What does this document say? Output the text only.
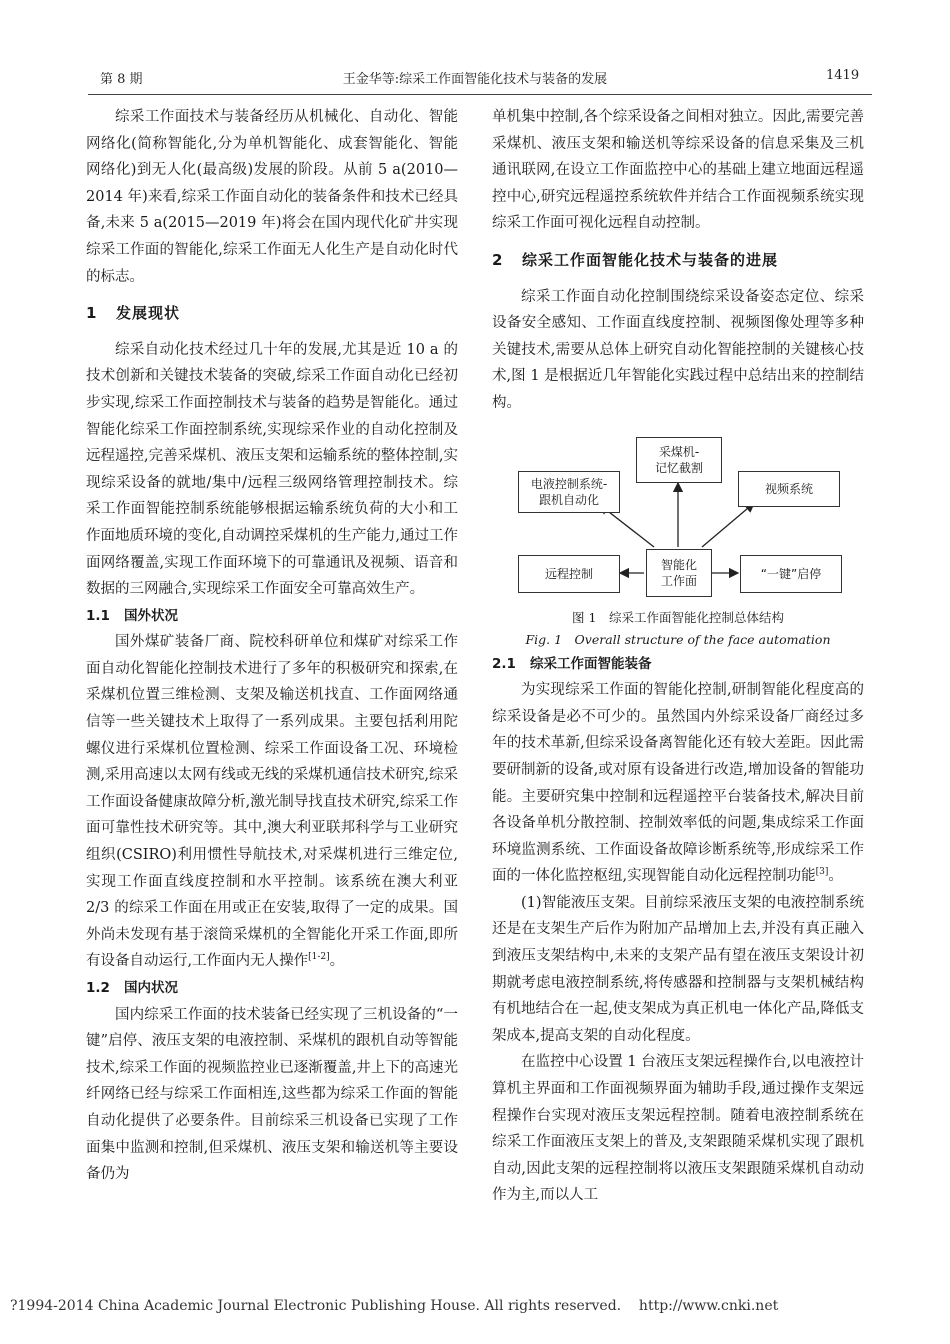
第 8 期	王金华等:综采工作面智能化技术与装备的发展	1419

综采工作面技术与装备经历从机械化、自动化、智能网络化(简称智能化,分为单机智能化、成套智能化、智能网络化)到无人化(最高级)发展的阶段。从前 5 a(2010—2014 年)来看,综采工作面自动化的装备条件和技术已经具备,未来 5 a(2015—2019 年)将会在国内现代化矿井实现综采工作面的智能化,综采工作面无人化生产是自动化时代的标志。

1 发展现状

综采自动化技术经过几十年的发展,尤其是近 10 a 的技术创新和关键技术装备的突破,综采工作面自动化已经初步实现,综采工作面控制技术与装备的趋势是智能化。通过智能化综采工作面控制系统,实现综采作业的自动化控制及远程遥控,完善采煤机、液压支架和运输系统的整体控制,实现综采设备的就地/集中/远程三级网络管理控制技术。综采工作面智能控制系统能够根据运输系统负荷的大小和工作面地质环境的变化,自动调控采煤机的生产能力,通过工作面网络覆盖,实现工作面环境下的可靠通讯及视频、语音和数据的三网融合,实现综采工作面安全可靠高效生产。

1.1 国外状况

国外煤矿装备厂商、院校科研单位和煤矿对综采工作面自动化智能化控制技术进行了多年的积极研究和探索,在采煤机位置三维检测、支架及输送机找直、工作面网络通信等一些关键技术上取得了一系列成果。主要包括利用陀螺仪进行采煤机位置检测、综采工作面设备工况、环境检测,采用高速以太网有线或无线的采煤机通信技术研究,综采工作面设备健康故障分析,激光制导找直技术研究,综采工作面可靠性技术研究等。其中,澳大利亚联邦科学与工业研究组织(CSIRO)利用惯性导航技术,对采煤机进行三维定位,实现工作面直线度控制和水平控制。该系统在澳大利亚 2/3 的综采工作面在用或正在安装,取得了一定的成果。国外尚未发现有基于滚筒采煤机的全智能化开采工作面,即所有设备自动运行,工作面内无人操作[1-2]。

1.2 国内状况

国内综采工作面的技术装备已经实现了三机设备的“一键”启停、液压支架的电液控制、采煤机的跟机自动等智能技术,综采工作面的视频监控业已逐渐覆盖,井上下的高速光纤网络已经与综采工作面相连,这些都为综采工作面的智能自动化提供了必要条件。目前综采三机设备已实现了工作面集中监测和控制,但采煤机、液压支架和输送机等主要设备仍为

单机集中控制,各个综采设备之间相对独立。因此,需要完善采煤机、液压支架和输送机等综采设备的信息采集及三机通讯联网,在设立工作面监控中心的基础上建立地面远程遥控中心,研究远程遥控系统软件并结合工作面视频系统实现综采工作面可视化远程自动控制。

2 综采工作面智能化技术与装备的进展

综采工作面自动化控制围绕综采设备姿态定位、综采设备安全感知、工作面直线度控制、视频图像处理等多种关键技术,需要从总体上研究自动化智能控制的关键核心技术,图 1 是根据近几年智能化实践过程中总结出来的控制结构。

采煤机-
记忆截割
电液控制系统-
跟机自动化
视频系统
远程控制
智能化
工作面	“一键”启停

图 1　综采工作面智能化控制总体结构

Fig. 1　Overall structure of the face automation

2.1 综采工作面智能装备

为实现综采工作面的智能化控制,研制智能化程度高的综采设备是必不可少的。虽然国内外综采设备厂商经过多年的技术革新,但综采设备离智能化还有较大差距。因此需要研制新的设备,或对原有设备进行改造,增加设备的智能功能。主要研究集中控制和远程遥控平台装备技术,解决目前各设备单机分散控制、控制效率低的问题,集成综采工作面环境监测系统、工作面设备故障诊断系统等,形成综采工作面的一体化监控枢纽,实现智能自动化远程控制功能[3]。

(1)智能液压支架。目前综采液压支架的电液控制系统还是在支架生产后作为附加产品增加上去,并没有真正融入到液压支架结构中,未来的支架产品有望在液压支架设计初期就考虑电液控制系统,将传感器和控制器与支架机械结构有机地结合在一起,使支架成为真正机电一体化产品,降低支架成本,提高支架的自动化程度。

在监控中心设置 1 台液压支架远程操作台,以电液控计算机主界面和工作面视频界面为辅助手段,通过操作支架远程操作台实现对液压支架远程控制。随着电液控制系统在综采工作面液压支架上的普及,支架跟随采煤机实现了跟机自动,因此支架的远程控制将以液压支架跟随采煤机自动动作为主,而以人工

?1994-2014 China Academic Journal Electronic Publishing House. All rights reserved. http://www.cnki.net
